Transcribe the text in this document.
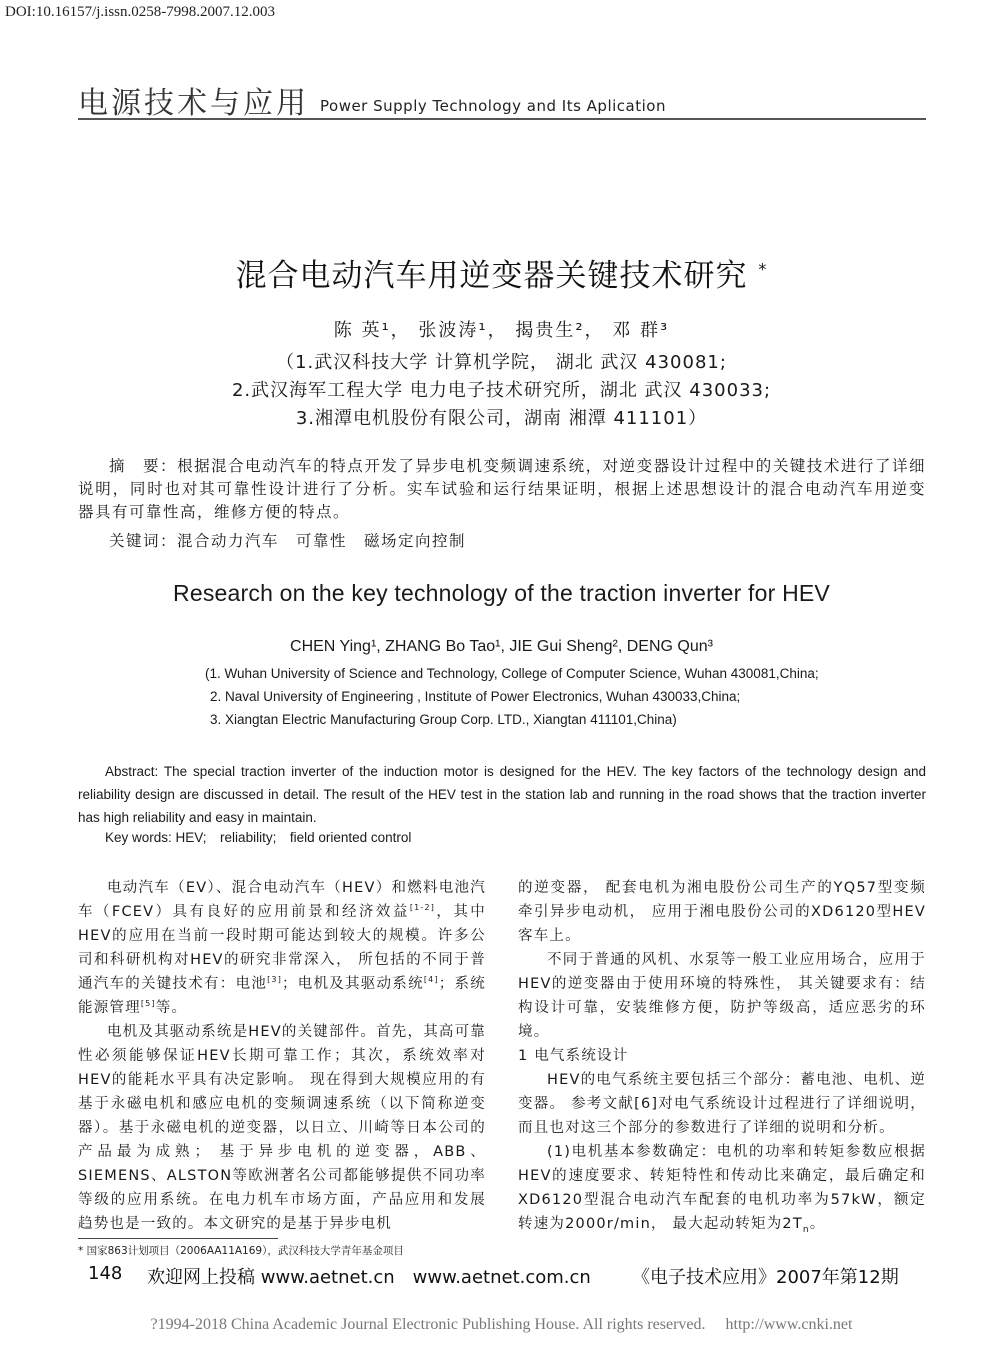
DOI:10.16157/j.issn.0258-7998.2007.12.003
电源技术与应用 Power Supply Technology and Its Aplication
混合电动汽车用逆变器关键技术研究 *
陈 英¹， 张波涛¹， 揭贵生²， 邓 群³
（1.武汉科技大学 计算机学院， 湖北 武汉 430081;
2.武汉海军工程大学 电力电子技术研究所，湖北 武汉 430033;
3.湘潭电机股份有限公司，湖南 湘潭 411101）
摘　要：根据混合电动汽车的特点开发了异步电机变频调速系统，对逆变器设计过程中的关键技术进行了详细说明，同时也对其可靠性设计进行了分析。实车试验和运行结果证明，根据上述思想设计的混合电动汽车用逆变器具有可靠性高，维修方便的特点。
关键词：混合动力汽车　可靠性　磁场定向控制
Research on the key technology of the traction inverter for HEV
CHEN Ying¹, ZHANG Bo Tao¹, JIE Gui Sheng², DENG Qun³
(1. Wuhan University of Science and Technology, College of Computer Science, Wuhan 430081,China;
2. Naval University of Engineering , Institute of Power Electronics, Wuhan 430033,China;
3. Xiangtan Electric Manufacturing Group Corp. LTD., Xiangtan 411101,China)
Abstract: The special traction inverter of the induction motor is designed for the HEV. The key factors of the technology design and reliability design are discussed in detail. The result of the HEV test in the station lab and running in the road shows that the traction inverter has high reliability and easy in maintain.
Key words: HEV;　reliability;　field oriented control

电动汽车（EV）、混合电动汽车（HEV）和燃料电池汽车（FCEV）具有良好的应用前景和经济效益[1-2]，其中HEV的应用在当前一段时期可能达到较大的规模。许多公司和科研机构对HEV的研究非常深入， 所包括的不同于普通汽车的关键技术有：电池[3]；电机及其驱动系统[4]；系统能源管理[5]等。

电机及其驱动系统是HEV的关键部件。首先，其高可靠性必须能够保证HEV长期可靠工作；其次，系统效率对HEV的能耗水平具有决定影响。 现在得到大规模应用的有基于永磁电机和感应电机的变频调速系统（以下简称逆变器）。基于永磁电机的逆变器，以日立、川崎等日本公司的产品最为成熟； 基于异步电机的逆变器，ABB、SIEMENS、ALSTON等欧洲著名公司都能够提供不同功率等级的应用系统。在电力机车市场方面，产品应用和发展趋势也是一致的。本文研究的是基于异步电机

的逆变器， 配套电机为湘电股份公司生产的YQ57型变频牵引异步电动机， 应用于湘电股份公司的XD6120型HEV客车上。

不同于普通的风机、水泵等一般工业应用场合，应用于HEV的逆变器由于使用环境的特殊性， 其关键要求有：结构设计可靠，安装维修方便，防护等级高，适应恶劣的环境。

1 电气系统设计

HEV的电气系统主要包括三个部分：蓄电池、电机、逆变器。 参考文献[6]对电气系统设计过程进行了详细说明，而且也对这三个部分的参数进行了详细的说明和分析。

(1)电机基本参数确定：电机的功率和转矩参数应根据HEV的速度要求、转矩特性和传动比来确定，最后确定和XD6120型混合电动汽车配套的电机功率为57kW，额定转速为2000r/min， 最大起动转矩为$2T_n$。

* 国家863计划项目（2006AA11A169），武汉科技大学青年基金项目
148 欢迎网上投稿 www.aetnet.cn　www.aetnet.com.cn 《电子技术应用》2007年第12期
?1994-2018 China Academic Journal Electronic Publishing House. All rights reserved.　 http://www.cnki.net
